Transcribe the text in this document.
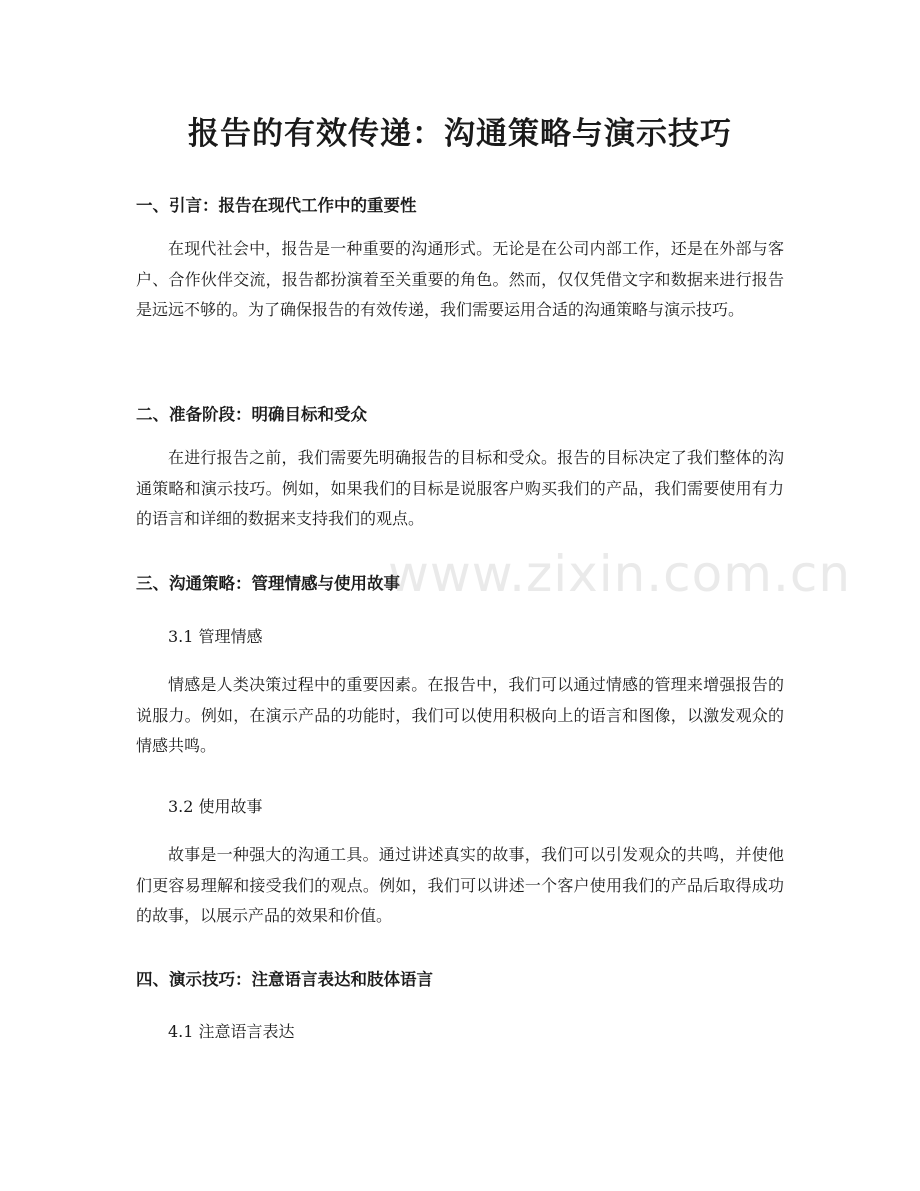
报告的有效传递：沟通策略与演示技巧
一、引言：报告在现代工作中的重要性

在现代社会中，报告是一种重要的沟通形式。无论是在公司内部工作，还是在外部与客户、合作伙伴交流，报告都扮演着至关重要的角色。然而，仅仅凭借文字和数据来进行报告是远远不够的。为了确保报告的有效传递，我们需要运用合适的沟通策略与演示技巧。

二、准备阶段：明确目标和受众

在进行报告之前，我们需要先明确报告的目标和受众。报告的目标决定了我们整体的沟通策略和演示技巧。例如，如果我们的目标是说服客户购买我们的产品，我们需要使用有力的语言和详细的数据来支持我们的观点。

三、沟通策略：管理情感与使用故事

3.1 管理情感

情感是人类决策过程中的重要因素。在报告中，我们可以通过情感的管理来增强报告的说服力。例如，在演示产品的功能时，我们可以使用积极向上的语言和图像，以激发观众的情感共鸣。

3.2 使用故事

故事是一种强大的沟通工具。通过讲述真实的故事，我们可以引发观众的共鸣，并使他们更容易理解和接受我们的观点。例如，我们可以讲述一个客户使用我们的产品后取得成功的故事，以展示产品的效果和价值。

四、演示技巧：注意语言表达和肢体语言

4.1 注意语言表达

www.zixin.com.cn
